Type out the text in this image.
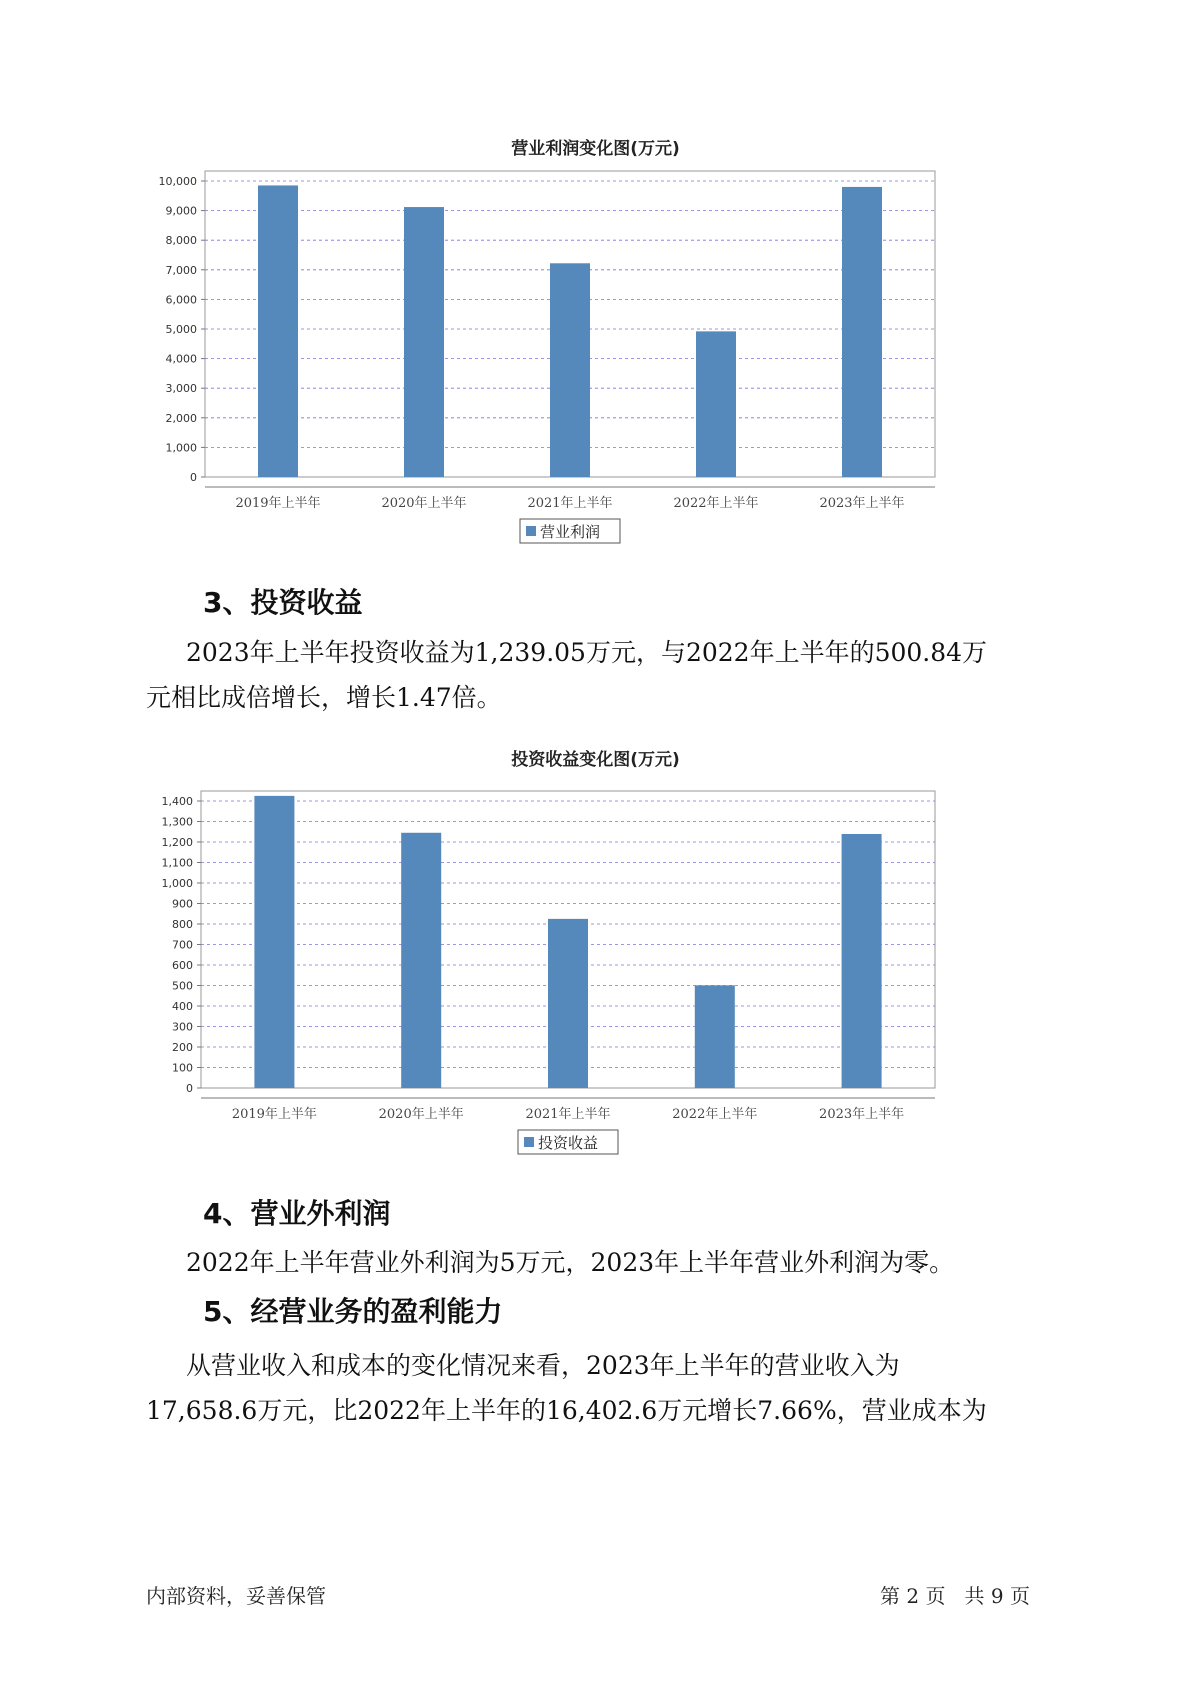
营业利润变化图(万元)
0
1,000
2,000
3,000
4,000
5,000
6,000
7,000
8,000
9,000
10,000
2019年上半年	2020年上半年	2021年上半年	2022年上半年	2023年上半年
营业利润
3、投资收益
2023年上半年投资收益为1,239.05万元，与2022年上半年的500.84万
元相比成倍增长，增长1.47倍。
投资收益变化图(万元)
0
100
200
300
400
500
600
700
800
900
1,000
1,100
1,200
1,300
1,400
2019年上半年	2020年上半年	2021年上半年	2022年上半年	2023年上半年
投资收益
4、营业外利润
2022年上半年营业外利润为5万元，2023年上半年营业外利润为零。
5、经营业务的盈利能力
从营业收入和成本的变化情况来看，2023年上半年的营业收入为
17,658.6万元，比2022年上半年的16,402.6万元增长7.66%，营业成本为
内部资料，妥善保管	第 2 页   共 9 页
